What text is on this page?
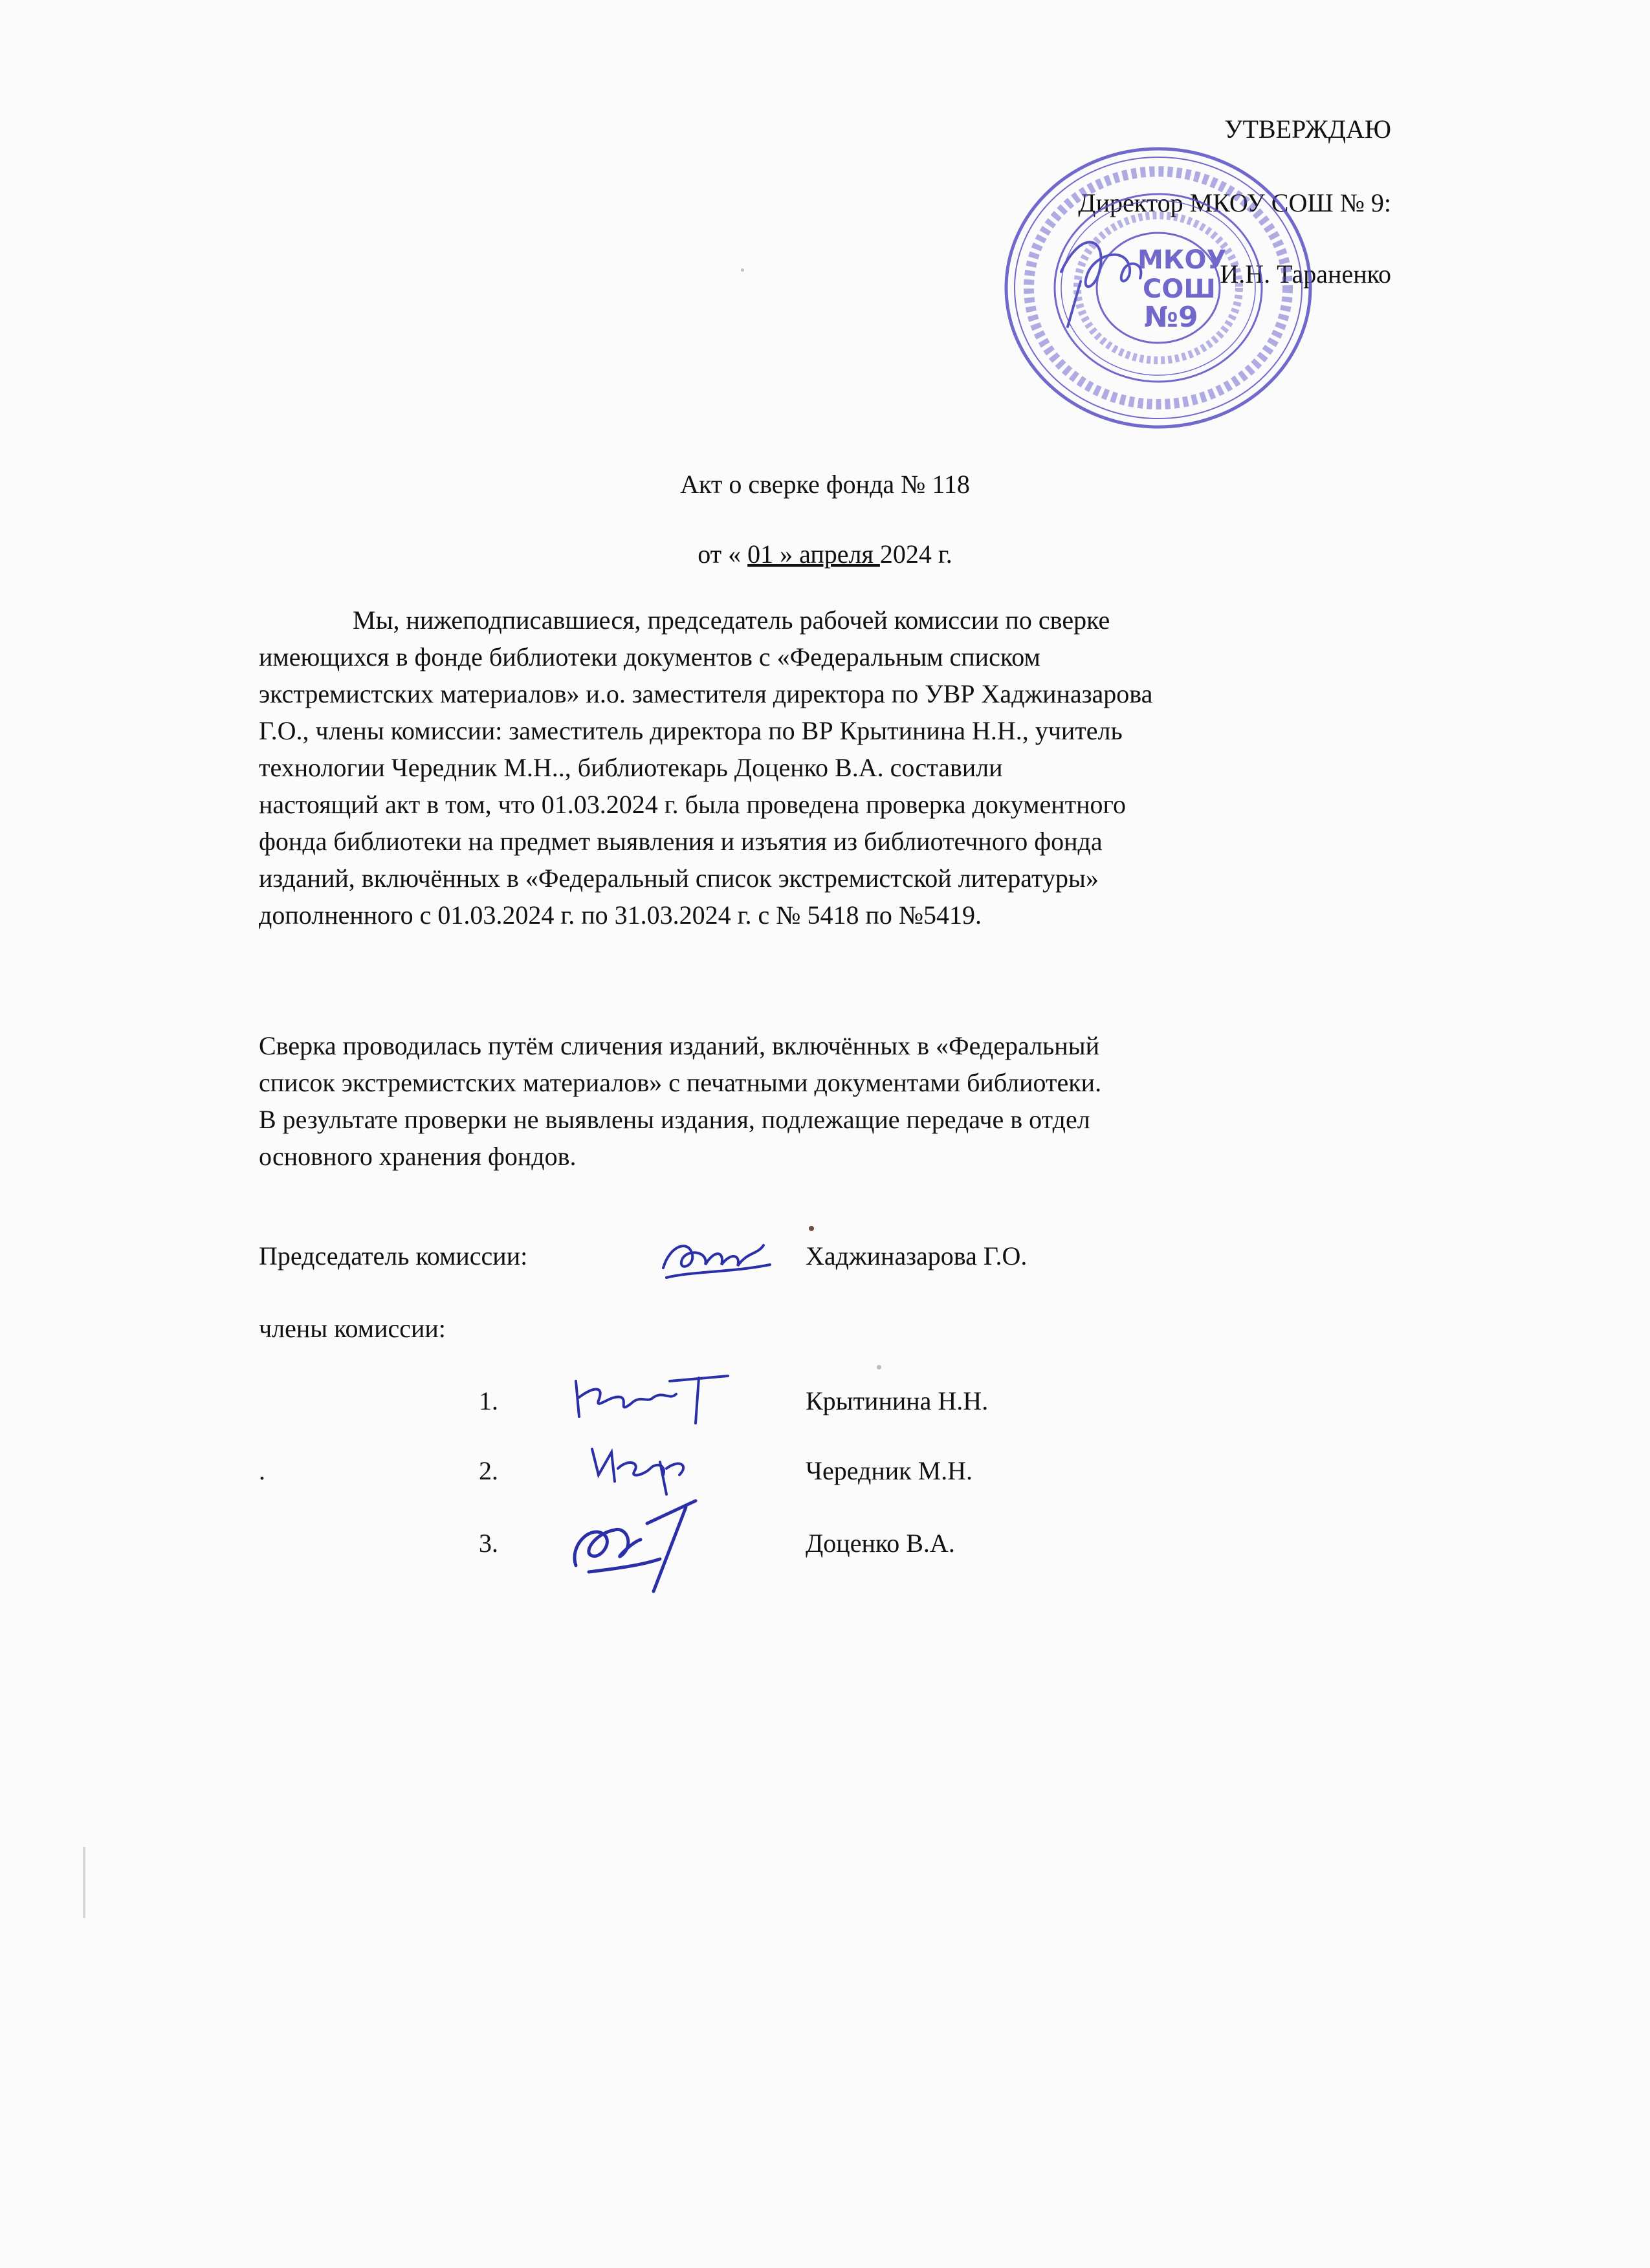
УТВЕРЖДАЮ
Директор МКОУ СОШ № 9:
И.Н. Тараненко
МКОУ
СОШ
№9
Акт о сверке фонда № 118
от « 01 » апреля 2024 г.
Мы, нижеподписавшиеся, председатель рабочей комиссии по сверке
имеющихся в фонде библиотеки документов с «Федеральным списком
экстремистских материалов» и.о. заместителя директора по УВР Хаджиназарова
Г.О., члены комиссии: заместитель директора по ВР Крытинина Н.Н., учитель
технологии Чередник М.Н.., библиотекарь Доценко В.А. составили
настоящий акт в том, что 01.03.2024 г. была проведена проверка документного
фонда библиотеки на предмет выявления и изъятия из библиотечного фонда
изданий, включённых в «Федеральный список экстремистской литературы»
дополненного с 01.03.2024 г. по 31.03.2024 г. с № 5418 по №5419.
Сверка проводилась путём сличения изданий, включённых в «Федеральный
список экстремистских материалов» с печатными документами библиотеки.
В результате проверки не выявлены издания, подлежащие передаче в отдел
основного хранения фондов.
Председатель комиссии:	Хаджиназарова Г.О.
члены комиссии:
1.	Крытинина Н.Н.
.	2.	Чередник М.Н.
3.	Доценко В.А.
